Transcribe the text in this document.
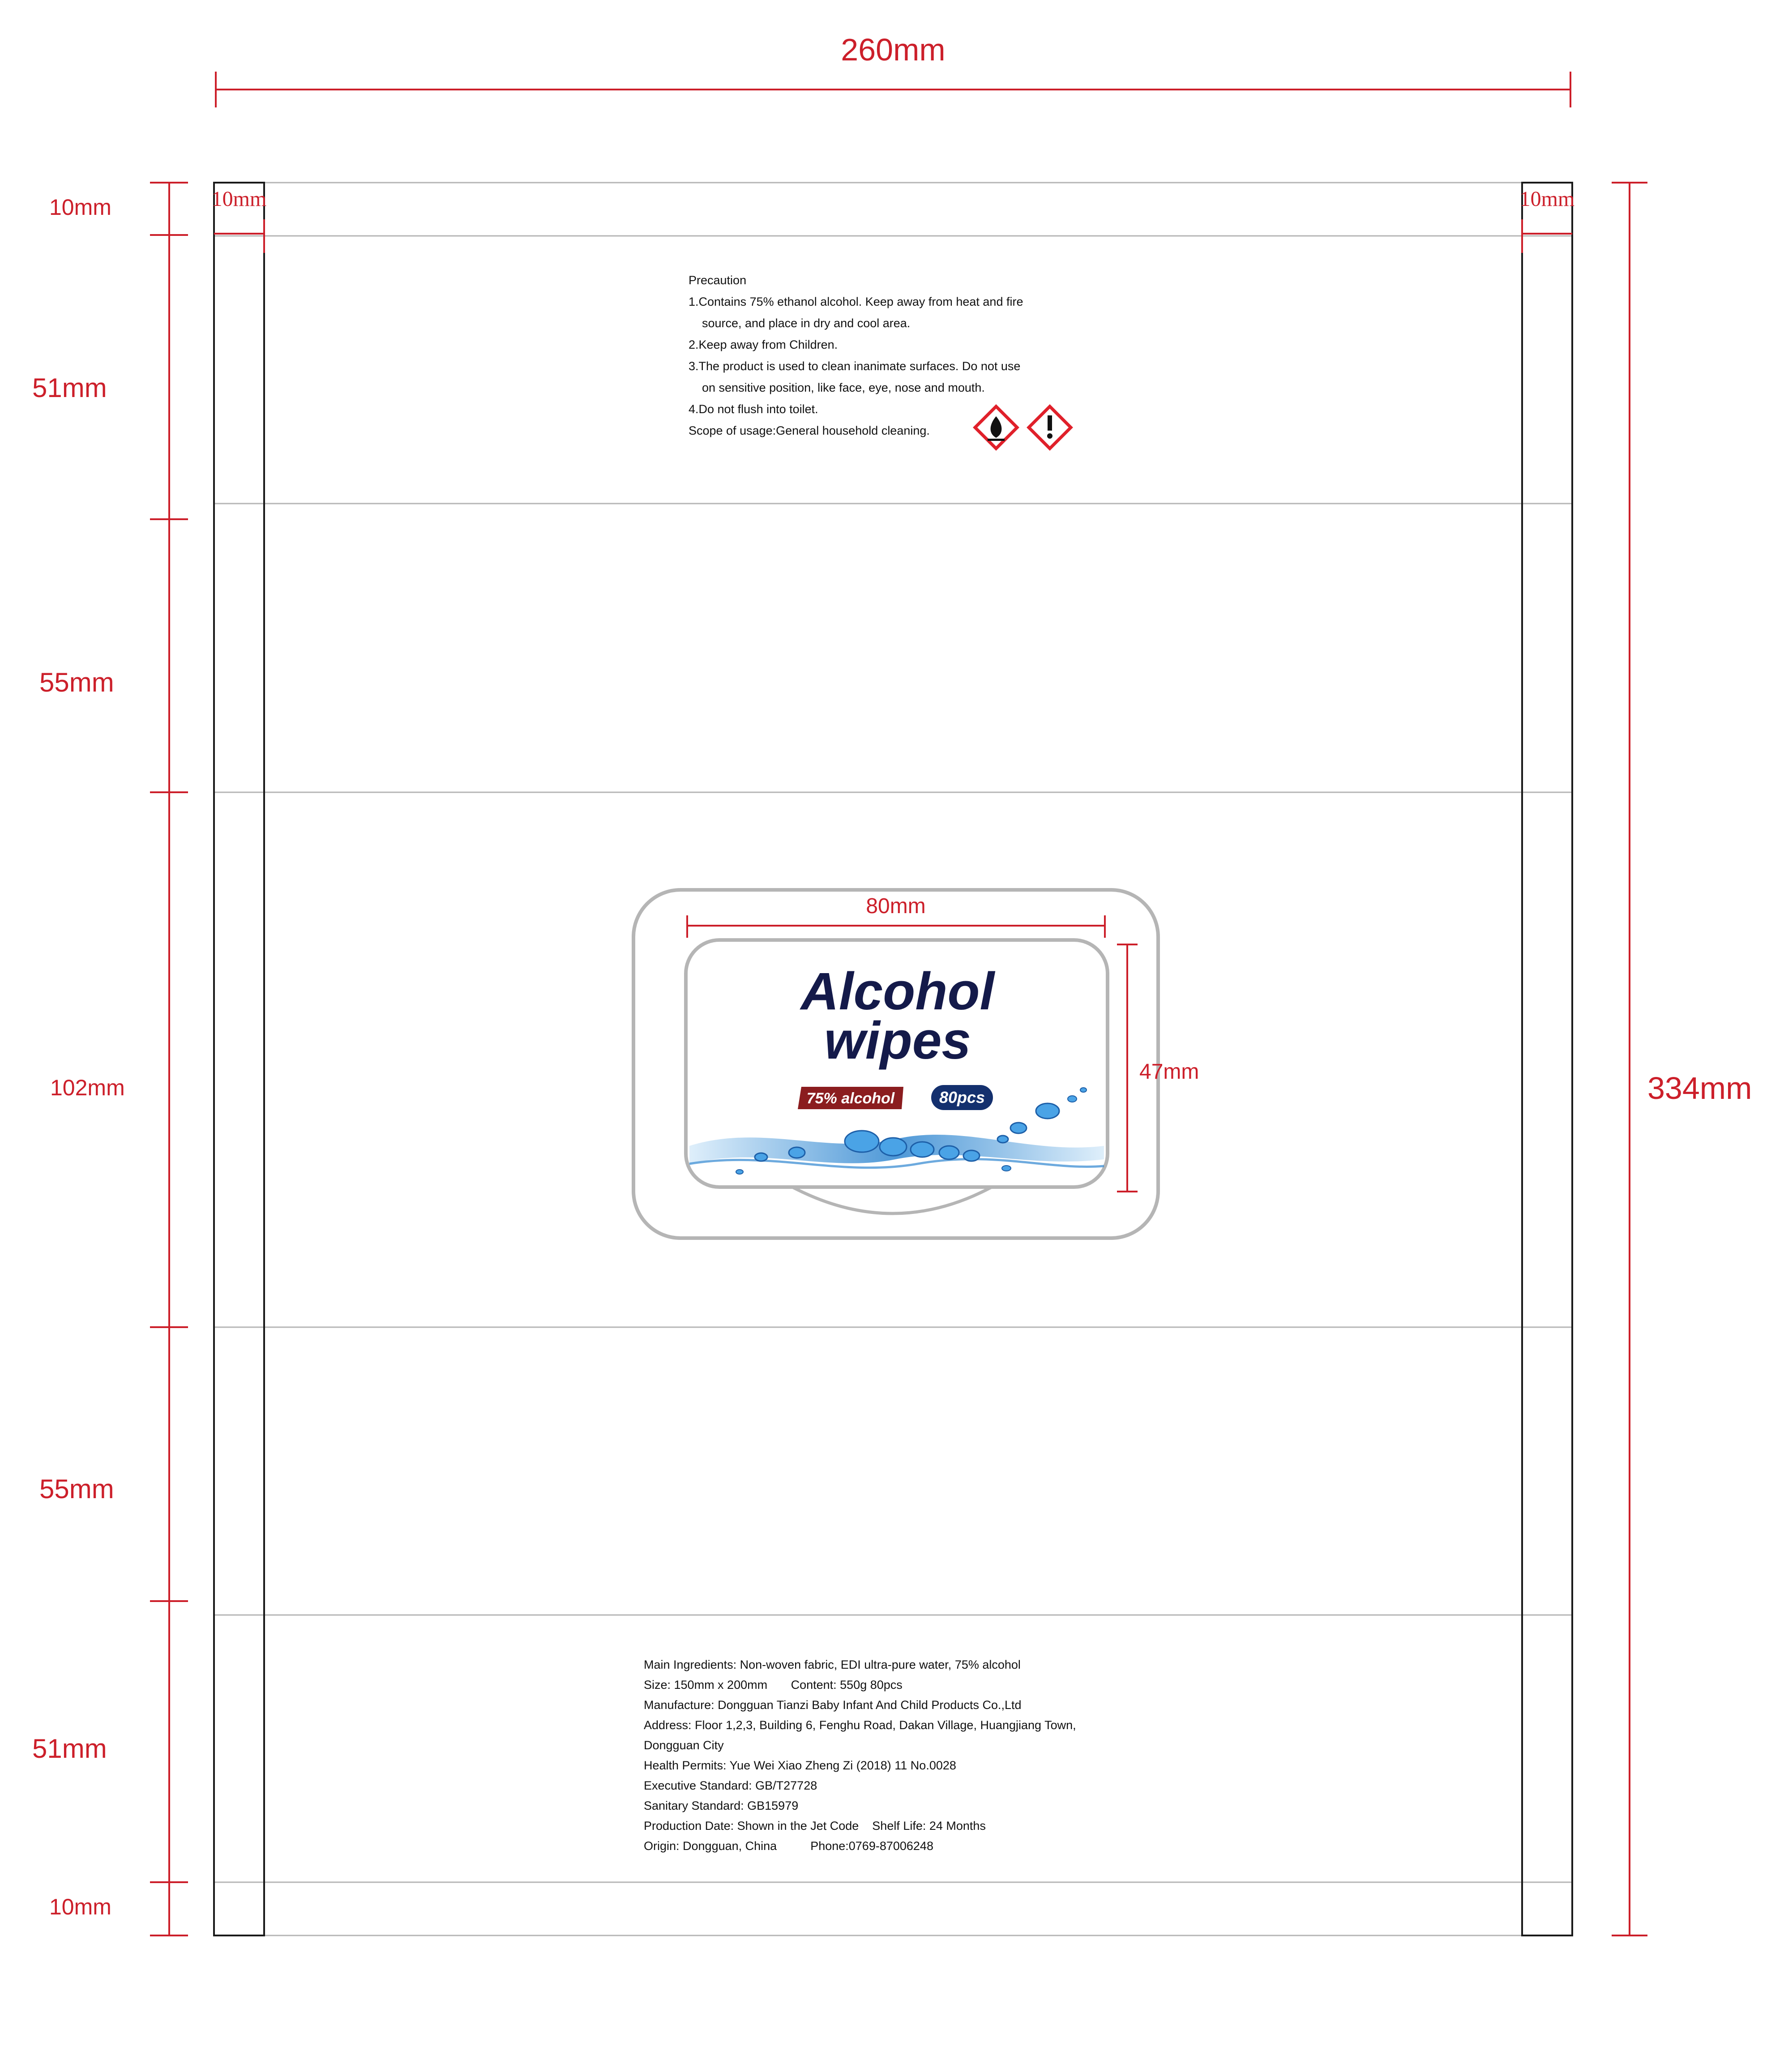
260mm
334mm
10mm
51mm
55mm
102mm
55mm
51mm
10mm
10mm	10mm
Precaution
1.Contains 75% ethanol alcohol. Keep away from heat and fire
source, and place in dry and cool area.
2.Keep away from Children.
3.The product is used to clean inanimate surfaces. Do not use
on sensitive position, like face, eye, nose and mouth.
4.Do not flush into toilet.
Scope of usage:General household cleaning.
80mm
47mm
Alcohol
wipes
75% alcohol	80pcs
Main Ingredients: Non-woven fabric, EDI ultra-pure water, 75% alcohol
Size: 150mm x 200mm       Content: 550g 80pcs
Manufacture: Dongguan Tianzi Baby Infant And Child Products Co.,Ltd
Address: Floor 1,2,3, Building 6, Fenghu Road, Dakan Village, Huangjiang Town,
Dongguan City
Health Permits: Yue Wei Xiao Zheng Zi (2018) 11 No.0028
Executive Standard: GB/T27728
Sanitary Standard: GB15979
Production Date: Shown in the Jet Code    Shelf Life: 24 Months
Origin: Dongguan, China          Phone:0769-87006248
